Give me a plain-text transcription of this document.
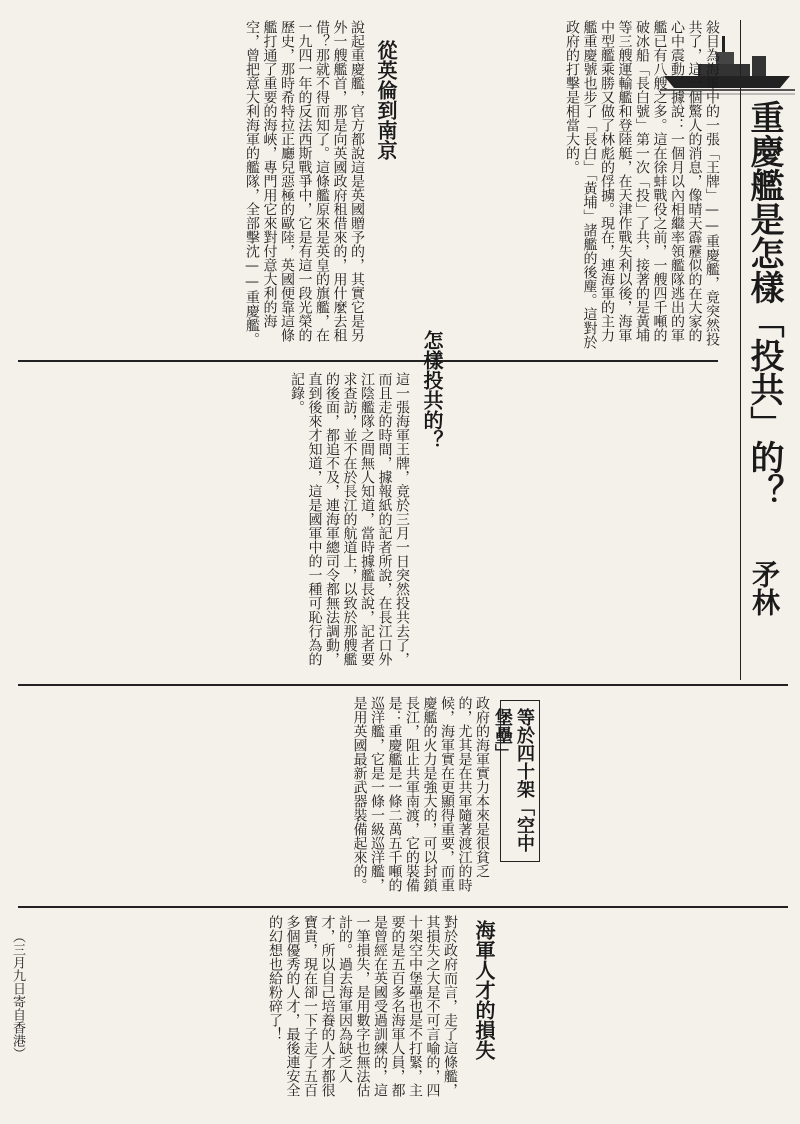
重慶艦是怎樣「投共」的？
矛林
敍目為海軍中的一張「王牌」——重慶艦，竟突然投共了，這一個驚人的消息，像晴天霹靂似的在大家的心中震動，據說：一個月以內相繼率領艦隊逃出的軍艦已有八艘之多。這在徐蚌戰役之前，一艘四千噸的破冰船「長白號」第一次「投」了共，接著的是黃埔等三艘運輸艦和登陸艇，在天津作戰失利以後，海軍中型艦乘勝又做了林彪的俘擄。現在，連海軍的主力艦重慶號也步了「長白」「黃埔」諸艦的後塵。這對於政府的打擊是相當大的。
從英倫到南京
說起重慶艦，官方都說這是英國贈予的，其實它是另外一艘艦首，那是向英國政府租借來的，用什麼去租借？那就不得而知了。這條艦原來是英皇的旗艦，在一九四一年的反法西斯戰爭中，它是有這一段光榮的歷史，那時希特拉正廳兒惡極的歐陸，英國便靠這條艦打通了重要的海峽，專門用它來對付意大利的海空，曾把意大利海軍的艦隊，全部擊沈——重慶艦。
怎樣投共的？
這一張海軍王牌，竟於三月一日突然投共去了，而且走的時間，據報紙的記者所說，在長江口外江陰艦隊之間無人知道，當時據艦長說，記者要求查訪，並不在於長江的航道上，以致於那艘艦的後面，都追不及，連海軍總司令都無法調動，直到後來才知道，這是國軍中的一種可恥行為的記錄。
等於四十架「空中堡壘」
政府的海軍實力本來是很貧乏的，尤其是在共軍隨著渡江的時候，海軍實在更顯得重要，而重慶艦的火力是強大的，可以封鎖長江，阻止共軍南渡，它的裝備是：重慶艦是一條二萬五千噸的巡洋艦，它是一條一級巡洋艦，是用英國最新武器裝備起來的。
海軍人才的損失
對於政府而言，走了這條艦，其損失之大是不可言喻的，四十架空中堡壘也是不打緊，主要的是五百多名海軍人員，都是曾經在英國受過訓練的，這一筆損失，是用數字也無法估計的。過去海軍因為缺乏人才，所以自己培養的人才都很寶貴，現在卻一下子走了五百多個優秀的人才，最後連安全的幻想也給粉碎了！
（三月九日寄自香港）
